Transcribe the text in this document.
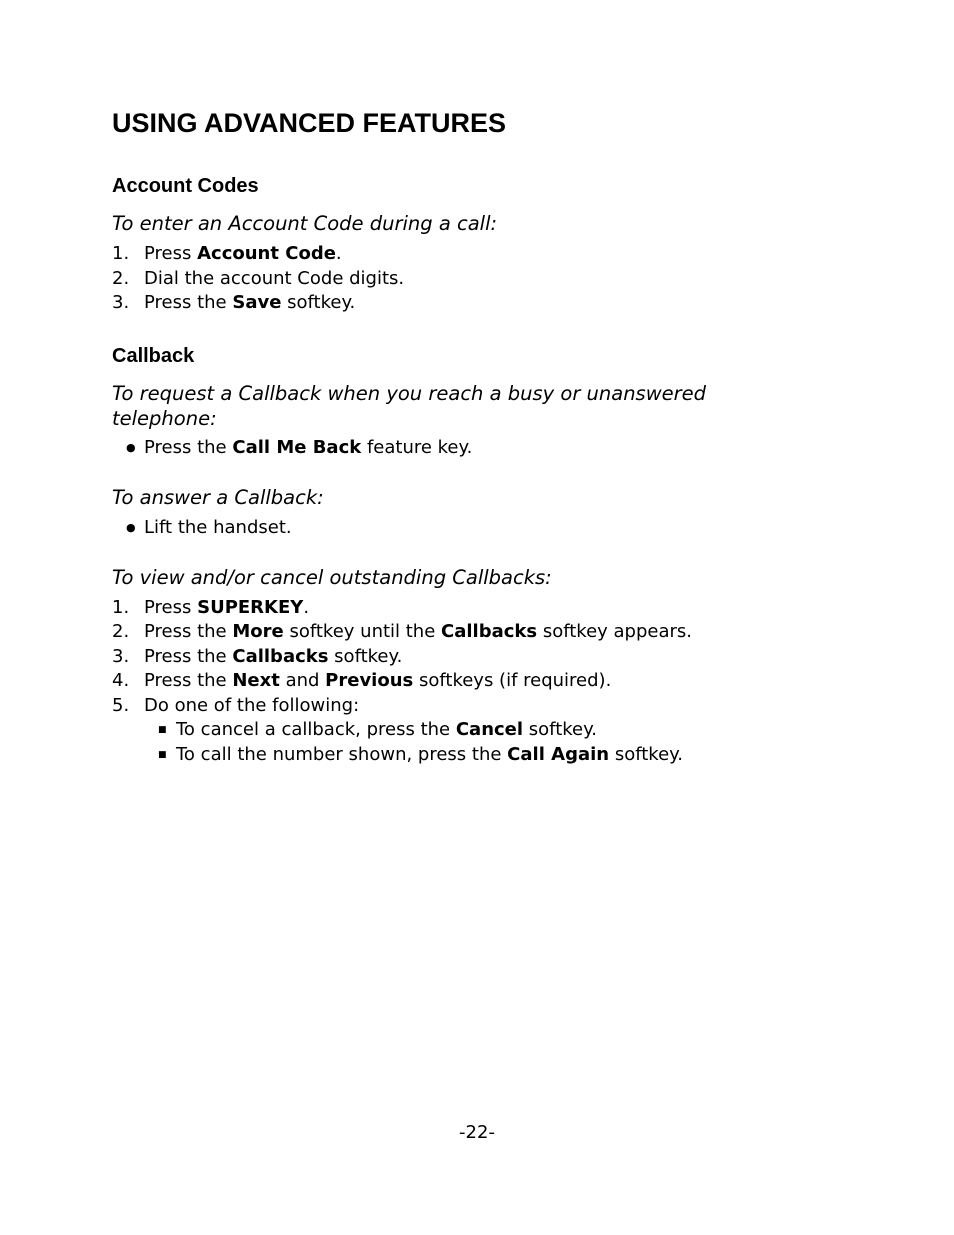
USING ADVANCED FEATURES
Account Codes

To enter an Account Code during a call:

1. Press Account Code.
2. Dial the account Code digits.
3. Press the Save softkey.
Callback

To request a Callback when you reach a busy or unanswered telephone:

● Press the Call Me Back feature key.

To answer a Callback:

● Lift the handset.

To view and/or cancel outstanding Callbacks:

1. Press SUPERKEY.
2. Press the More softkey until the Callbacks softkey appears.
3. Press the Callbacks softkey.
4. Press the Next and Previous softkeys (if required).
5. Do one of the following:
■ To cancel a callback, press the Cancel softkey.
■ To call the number shown, press the Call Again softkey.
-22-
